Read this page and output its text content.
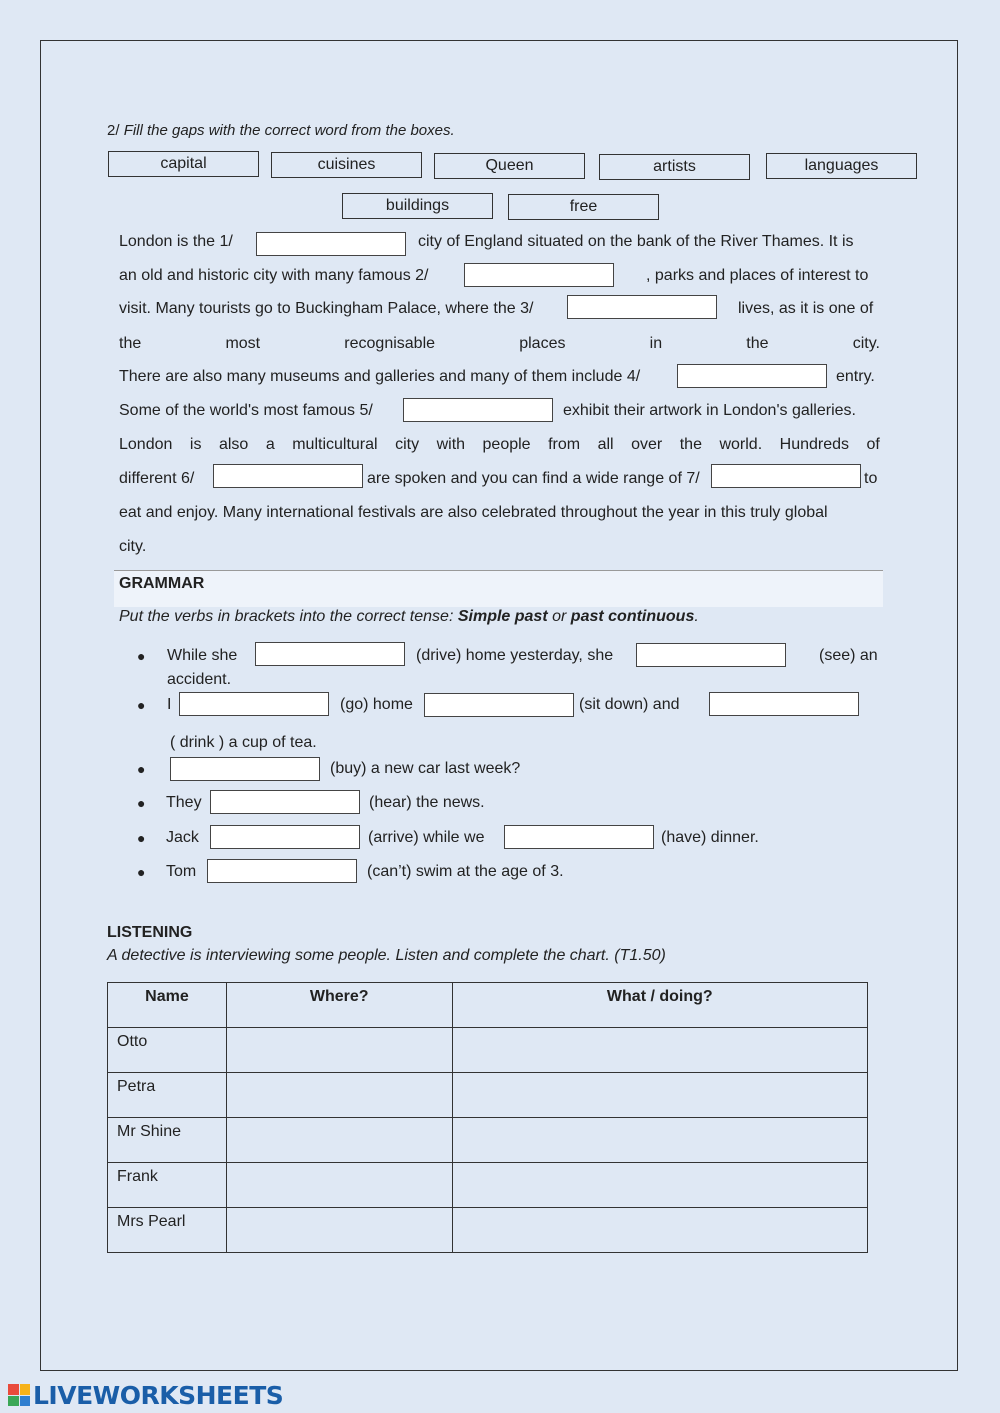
2/ Fill the gaps with the correct word from the boxes.
capital	cuisines	Queen	artists	languages
buildings	free
London is the 1/	city of England situated on the bank of the River Thames. It is
an old and historic city with many famous 2/	, parks and places of interest to
visit. Many tourists go to Buckingham Palace, where the 3/	lives, as it is one of
the	most	recognisable	places	in	the	city.
There are also many museums and galleries and many of them include 4/	entry.
Some of the world's most famous 5/	exhibit their artwork in London's galleries.
London is also a multicultural city with people from all over the world. Hundreds of
different 6/	are spoken and you can find a wide range of 7/	to
eat and enjoy. Many international festivals are also celebrated throughout the year in this truly global
city.
GRAMMAR
Put the verbs in brackets into the correct tense: Simple past or past continuous.
● While she	(drive) home yesterday, she	(see) an
accident.
● I	(go) home	(sit down) and
( drink ) a cup of tea.
●	(buy) a new car last week?
● They	(hear) the news.
● Jack	(arrive) while we	(have) dinner.
● Tom	(can’t) swim at the age of 3.
LISTENING
A detective is interviewing some people. Listen and complete the chart. (T1.50)
Name	Where?	What / doing?
Otto		
Petra		
Mr Shine		
Frank		
Mrs Pearl		
LIVEWORKSHEETS
